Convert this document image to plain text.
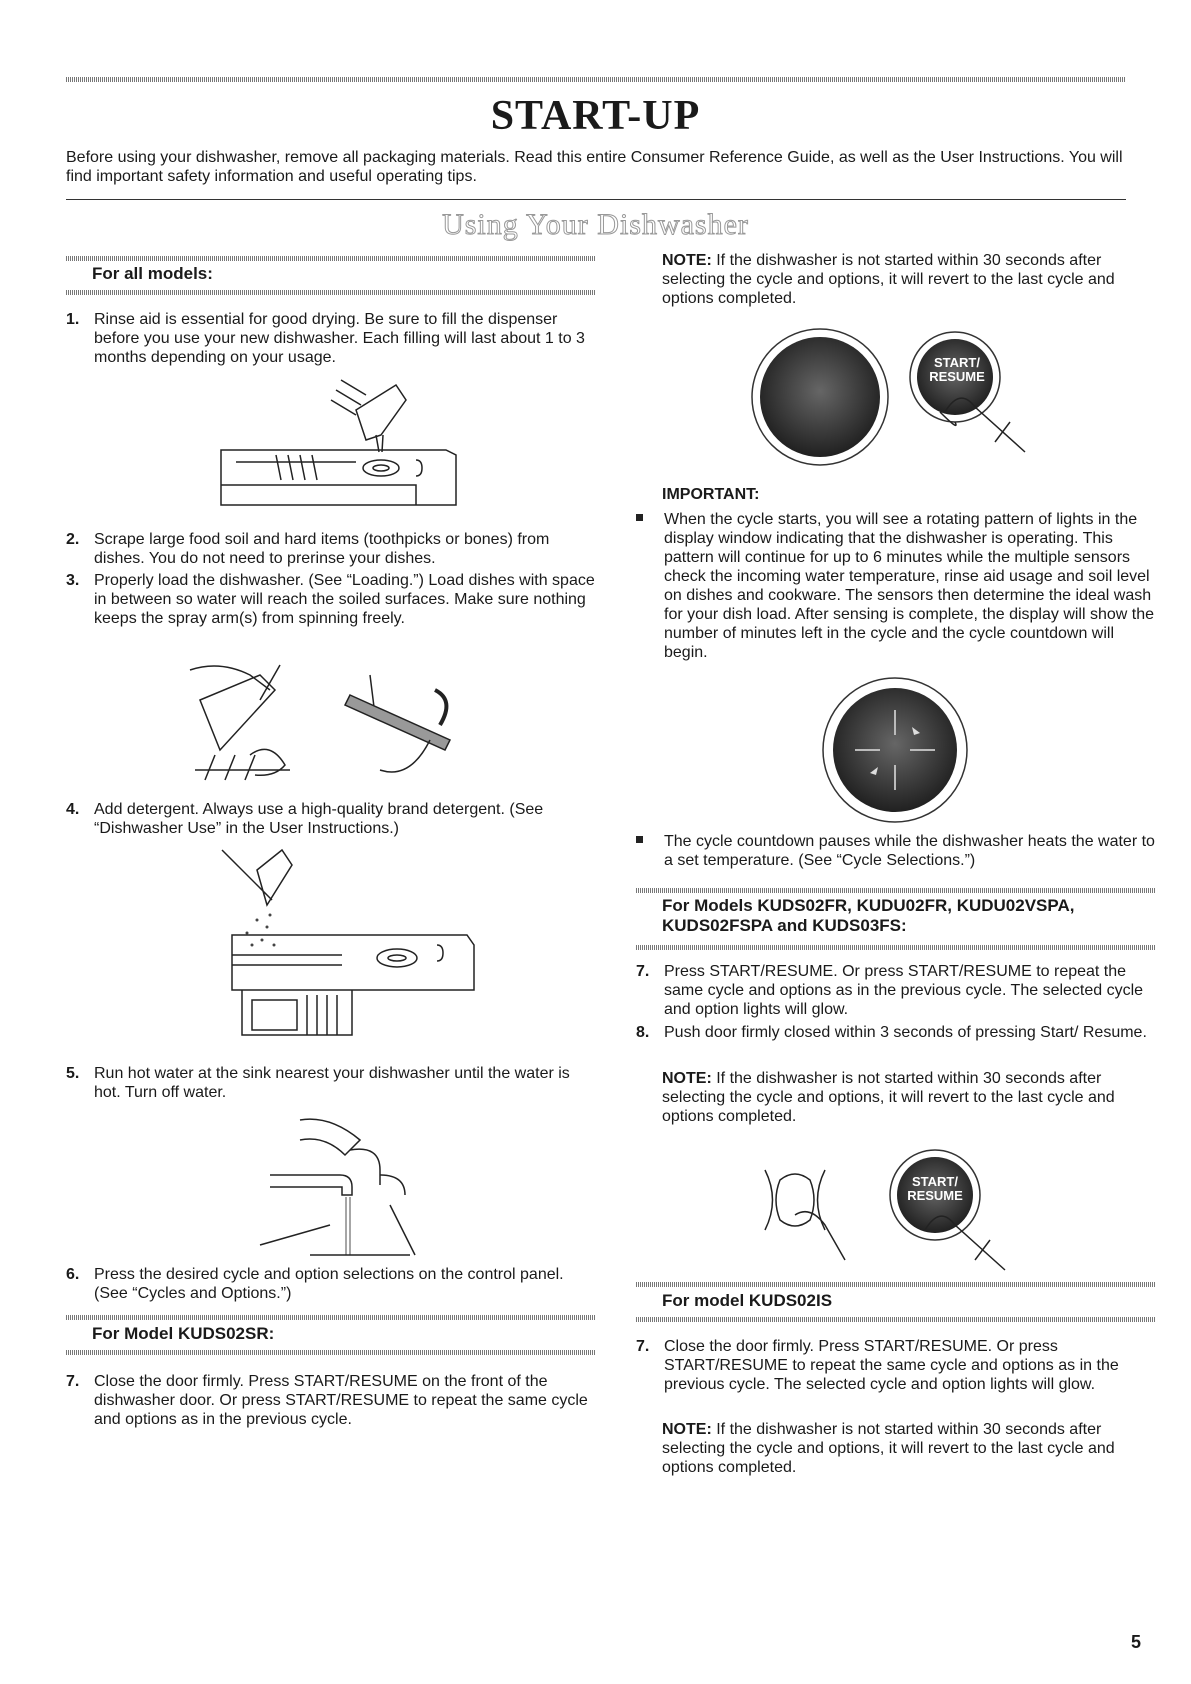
START-UP
Before using your dishwasher, remove all packaging materials. Read this entire Consumer Reference Guide, as well as the User Instructions. You will find important safety information and useful operating tips.
Using Your Dishwasher
For all models:
1. Rinse aid is essential for good drying. Be sure to fill the dispenser before you use your new dishwasher. Each filling will last about 1 to 3 months depending on your usage.
2. Scrape large food soil and hard items (toothpicks or bones) from dishes. You do not need to prerinse your dishes.
3. Properly load the dishwasher. (See “Loading.”) Load dishes with space in between so water will reach the soiled surfaces. Make sure nothing keeps the spray arm(s) from spinning freely.
4. Add detergent. Always use a high-quality brand detergent. (See “Dishwasher Use” in the User Instructions.)
5. Run hot water at the sink nearest your dishwasher until the water is hot. Turn off water.
6. Press the desired cycle and option selections on the control panel. (See “Cycles and Options.”)
For Model KUDS02SR:
7. Close the door firmly. Press START/RESUME on the front of the dishwasher door. Or press START/RESUME to repeat the same cycle and options as in the previous cycle.
NOTE: If the dishwasher is not started within 30 seconds after selecting the cycle and options, it will revert to the last cycle and options completed.
START/
RESUME
IMPORTANT:
When the cycle starts, you will see a rotating pattern of lights in the display window indicating that the dishwasher is operating. This pattern will continue for up to 6 minutes while the multiple sensors check the incoming water temperature, rinse aid usage and soil level on dishes and cookware. The sensors then determine the ideal wash for your dish load. After sensing is complete, the display will show the number of minutes left in the cycle and the cycle countdown will begin.
The cycle countdown pauses while the dishwasher heats the water to a set temperature. (See “Cycle Selections.”)
For Models KUDS02FR, KUDU02FR, KUDU02VSPA, KUDS02FSPA and KUDS03FS:
7. Press START/RESUME. Or press START/RESUME to repeat the same cycle and options as in the previous cycle. The selected cycle and option lights will glow.
8. Push door firmly closed within 3 seconds of pressing Start/ Resume.
NOTE: If the dishwasher is not started within 30 seconds after selecting the cycle and options, it will revert to the last cycle and options completed.
START/
RESUME
For model KUDS02IS
7. Close the door firmly. Press START/RESUME. Or press START/RESUME to repeat the same cycle and options as in the previous cycle. The selected cycle and option lights will glow.
NOTE: If the dishwasher is not started within 30 seconds after selecting the cycle and options, it will revert to the last cycle and options completed.
5
